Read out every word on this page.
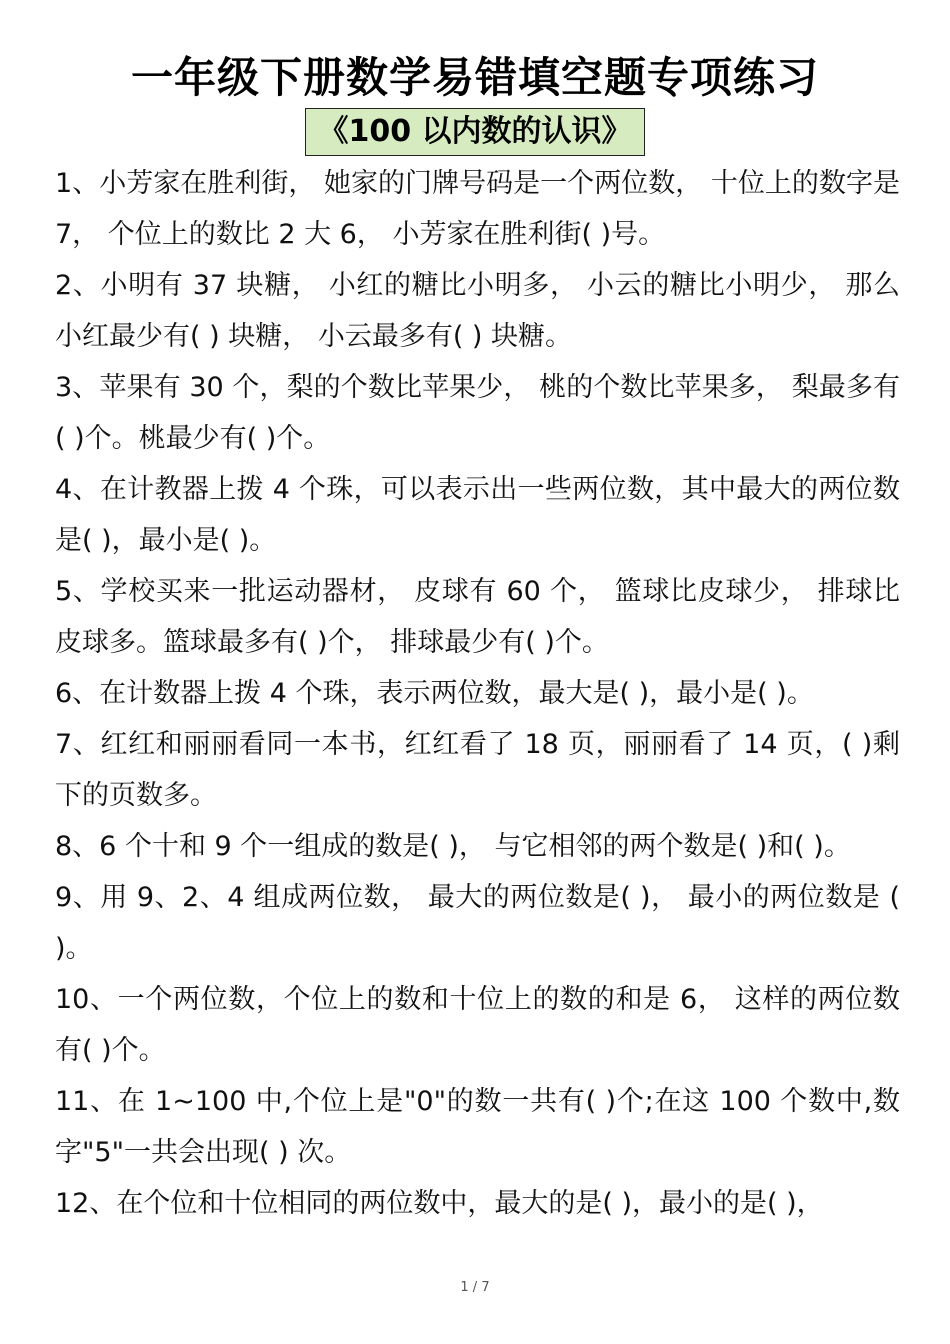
一年级下册数学易错填空题专项练习
《100 以内数的认识》
1、小芳家在胜利街， 她家的门牌号码是一个两位数， 十位上的数字是 7， 个位上的数比 2 大 6， 小芳家在胜利街( )号。
2、小明有 37 块糖， 小红的糖比小明多， 小云的糖比小明少， 那么小红最少有( ) 块糖， 小云最多有( ) 块糖。
3、苹果有 30 个，梨的个数比苹果少， 桃的个数比苹果多， 梨最多有( )个。桃最少有( )个。
4、在计教器上拨 4 个珠，可以表示出一些两位数，其中最大的两位数是( )，最小是( )。
5、学校买来一批运动器材， 皮球有 60 个， 篮球比皮球少， 排球比皮球多。篮球最多有( )个， 排球最少有( )个。
6、在计数器上拨 4 个珠，表示两位数，最大是( )，最小是( )。
7、红红和丽丽看同一本书，红红看了 18 页，丽丽看了 14 页，( )剩下的页数多。
8、6 个十和 9 个一组成的数是( )， 与它相邻的两个数是( )和( )。
9、用 9、2、4 组成两位数， 最大的两位数是( )， 最小的两位数是 ( )。
10、一个两位数，个位上的数和十位上的数的和是 6， 这样的两位数有( )个。
11、在 1~100 中,个位上是"0"的数一共有( )个;在这 100 个数中,数字"5"一共会出现( ) 次。
12、在个位和十位相同的两位数中，最大的是( )，最小的是( )，
1 / 7
